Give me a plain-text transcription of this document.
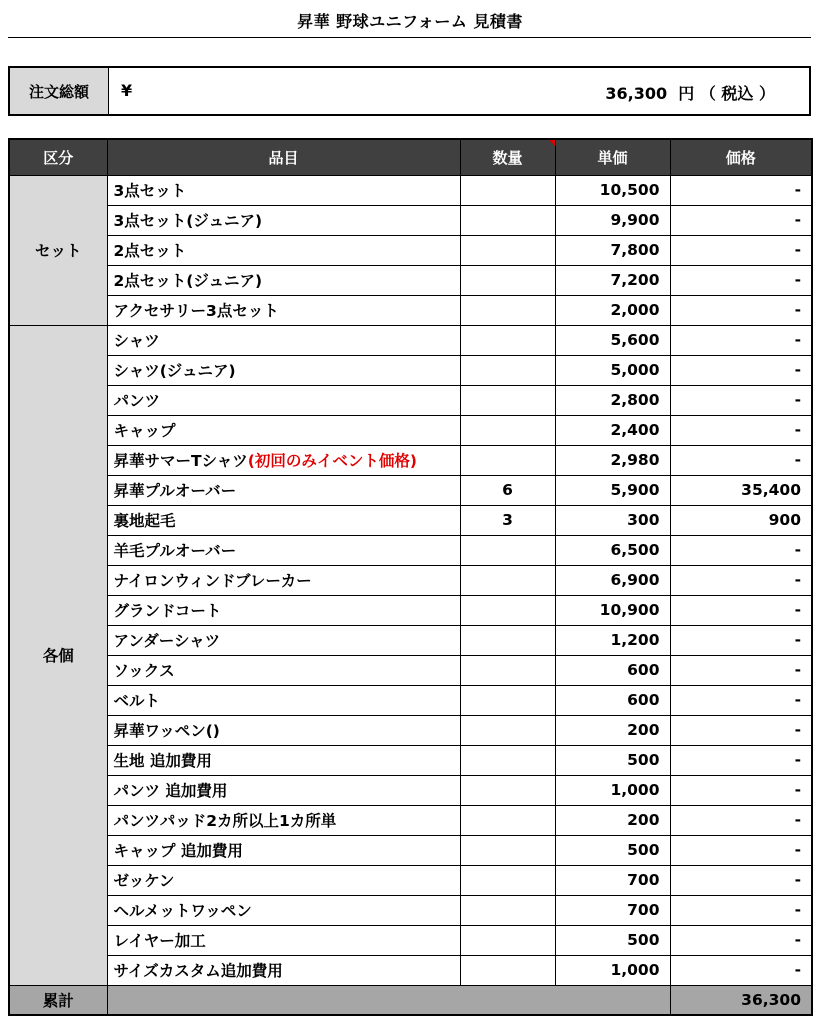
昇華 野球ユニフォーム 見積書
注文総額	¥	36,300 円 （ 税込 ）
区分	品目	数量	単価	価格
セット	3点セット		10,500	-
	3点セット(ジュニア)		9,900	-
	2点セット		7,800	-
	2点セット(ジュニア)		7,200	-
	アクセサリー3点セット		2,000	-
各個	シャツ		5,600	-
	シャツ(ジュニア)		5,000	-
	パンツ		2,800	-
	キャップ		2,400	-
	昇華サマーTシャツ(初回のみイベント価格)		2,980	-
	昇華プルオーバー	6	5,900	35,400
	裏地起毛	3	300	900
	羊毛プルオーバー		6,500	-
	ナイロンウィンドブレーカー		6,900	-
	グランドコート		10,900	-
	アンダーシャツ		1,200	-
	ソックス		600	-
	ベルト		600	-
	昇華ワッペン()		200	-
	生地 追加費用		500	-
	パンツ 追加費用		1,000	-
	パンツパッド2カ所以上1カ所単		200	-
	キャップ 追加費用		500	-
	ゼッケン		700	-
	ヘルメットワッペン		700	-
	レイヤー加工		500	-
	サイズカスタム追加費用		1,000	-
累計				36,300
